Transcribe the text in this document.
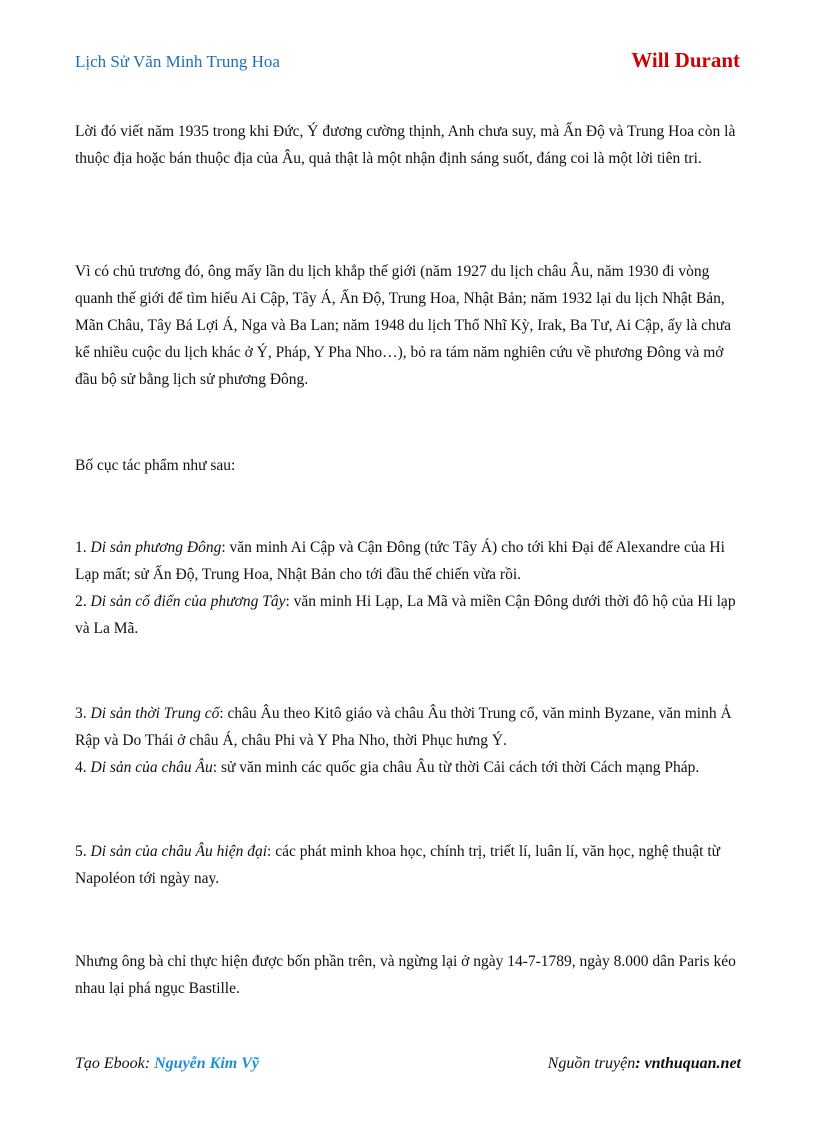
Lịch Sử Văn Minh Trung Hoa	Will Durant

Lời đó viết năm 1935 trong khi Đức, Ý đương cường thịnh, Anh chưa suy, mà Ấn Độ và Trung Hoa còn là thuộc địa hoặc bán thuộc địa của Âu, quả thật là một nhận định sáng suốt, đáng coi là một lời tiên tri.

Vì có chủ trương đó, ông mấy lần du lịch khắp thế giới (năm 1927 du lịch châu Âu, năm 1930 đi vòng quanh thế giới để tìm hiểu Ai Cập, Tây Á, Ấn Độ, Trung Hoa, Nhật Bản; năm 1932 lại du lịch Nhật Bản, Mãn Châu, Tây Bá Lợi Á, Nga và Ba Lan; năm 1948 du lịch Thổ Nhĩ Kỳ, Irak, Ba Tư, Ai Cập, ấy là chưa kể nhiều cuộc du lịch khác ở Ý, Pháp, Y Pha Nho…), bỏ ra tám năm nghiên cứu về phương Đông và mở đầu bộ sử bằng lịch sử phương Đông.

Bố cục tác phẩm như sau:

1. Di sản phương Đông: văn minh Ai Cập và Cận Đông (tức Tây Á) cho tới khi Đại đế Alexandre của Hi Lạp mất; sử Ấn Độ, Trung Hoa, Nhật Bản cho tới đầu thế chiến vừa rồi.
2. Di sản cổ điển của phương Tây: văn minh Hi Lạp, La Mã và miền Cận Đông dưới thời đô hộ của Hi lạp và La Mã.
3. Di sản thời Trung cổ: châu Âu theo Kitô giáo và châu Âu thời Trung cổ, văn minh Byzane, văn minh Ả Rập và Do Thái ở châu Á, châu Phi và Y Pha Nho, thời Phục hưng Ý.
4. Di sản của châu Âu: sử văn minh các quốc gia châu Âu từ thời Cải cách tới thời Cách mạng Pháp.
5. Di sản của châu Âu hiện đại: các phát minh khoa học, chính trị, triết lí, luân lí, văn học, nghệ thuật từ Napoléon tới ngày nay.

Nhưng ông bà chỉ thực hiện được bốn phần trên, và ngừng lại ở ngày 14-7-1789, ngày 8.000 dân Paris kéo nhau lại phá ngục Bastille.

Tạo Ebook: Nguyễn Kim Vỹ	Nguồn truyện: vnthuquan.net
